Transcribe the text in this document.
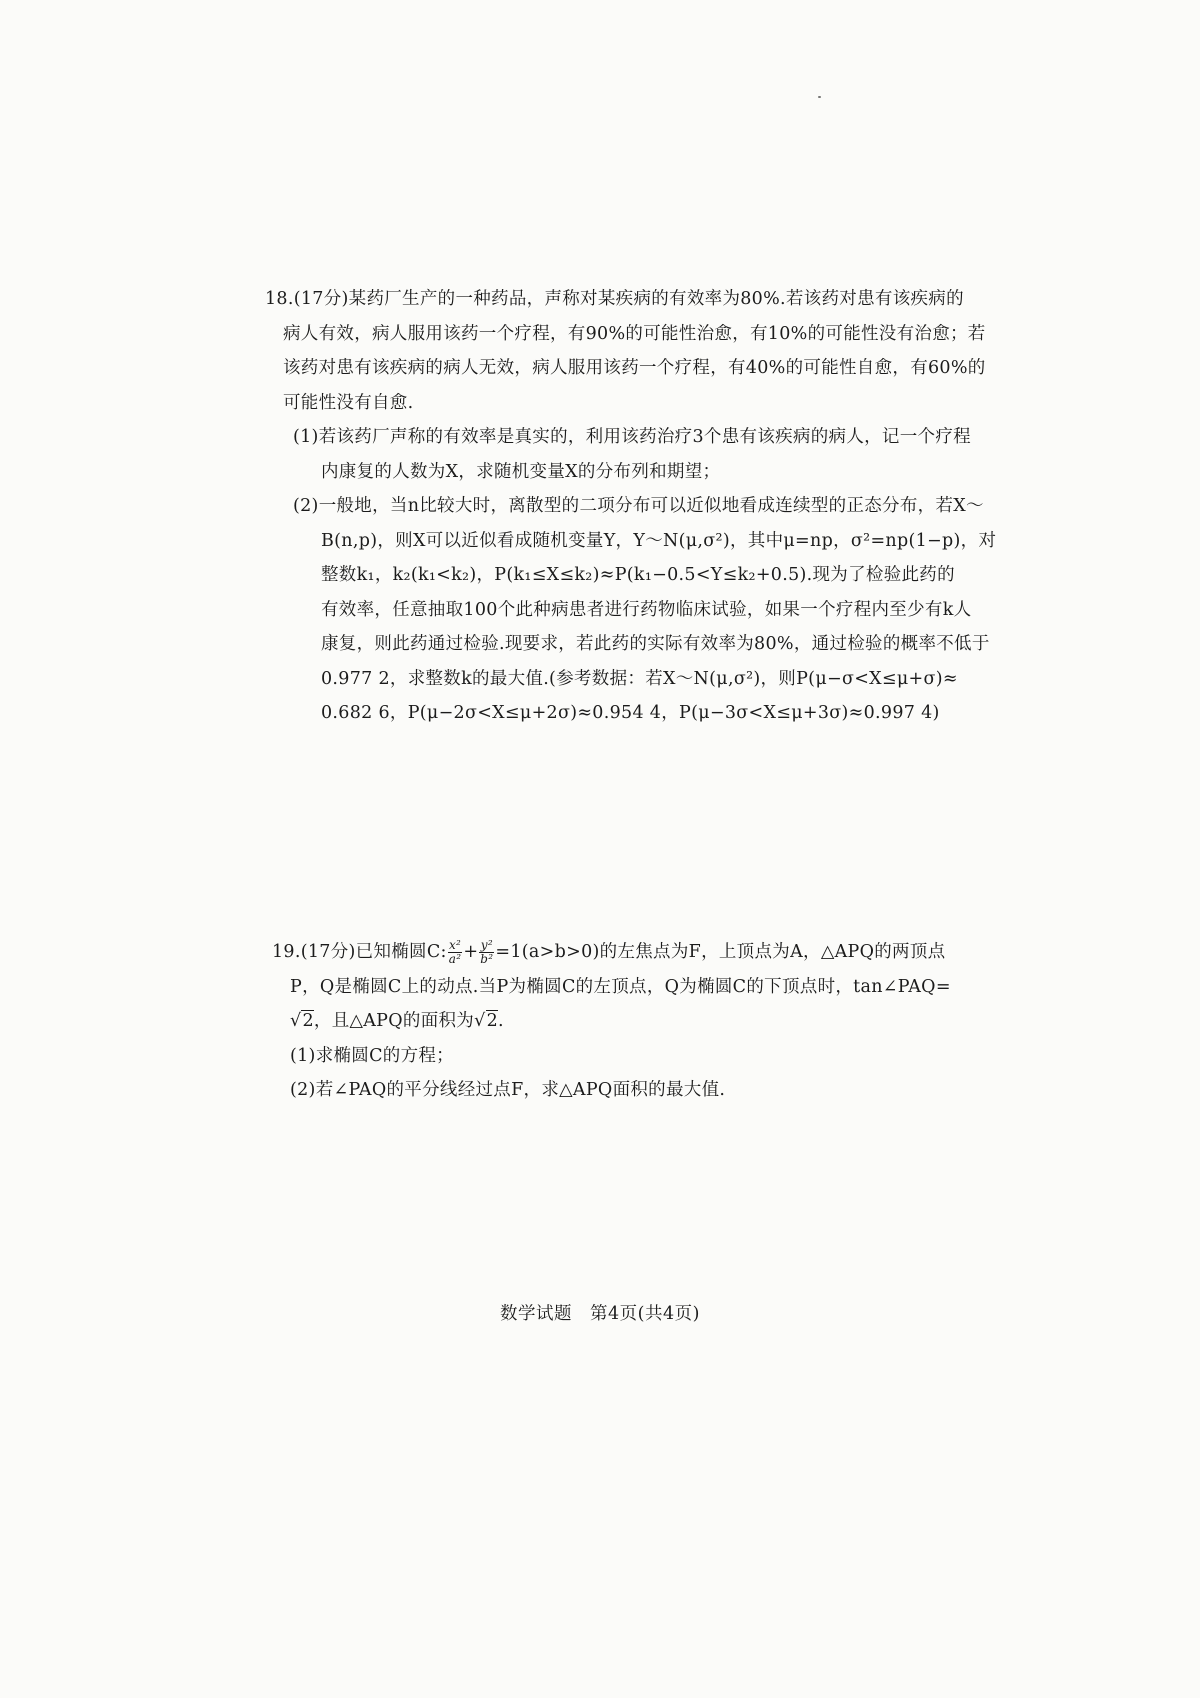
18.(17分)某药厂生产的一种药品，声称对某疾病的有效率为80%.若该药对患有该疾病的
病人有效，病人服用该药一个疗程，有90%的可能性治愈，有10%的可能性没有治愈；若
该药对患有该疾病的病人无效，病人服用该药一个疗程，有40%的可能性自愈，有60%的
可能性没有自愈.
(1)若该药厂声称的有效率是真实的，利用该药治疗3个患有该疾病的病人，记一个疗程
内康复的人数为X，求随机变量X的分布列和期望；
(2)一般地，当n比较大时，离散型的二项分布可以近似地看成连续型的正态分布，若X～
B(n,p)，则X可以近似看成随机变量Y，Y～N(μ,σ²)，其中μ=np，σ²=np(1−p)，对
整数k₁，k₂(k₁<k₂)，P(k₁≤X≤k₂)≈P(k₁−0.5<Y≤k₂+0.5).现为了检验此药的
有效率，任意抽取100个此种病患者进行药物临床试验，如果一个疗程内至少有k人
康复，则此药通过检验.现要求，若此药的实际有效率为80%，通过检验的概率不低于
0.977 2，求整数k的最大值.(参考数据：若X～N(μ,σ²)，则P(μ−σ<X≤μ+σ)≈
0.682 6，P(μ−2σ<X≤μ+2σ)≈0.954 4，P(μ−3σ<X≤μ+3σ)≈0.997 4)
19.(17分)已知椭圆C: $\frac{\text{x²}}{\text{a²}} + \frac{\text{y²}}{\text{b²}} =1(a>b>0)$的左焦点为F，上顶点为A，△APQ的两顶点
P，Q是椭圆C上的动点.当P为椭圆C的左顶点，Q为椭圆C的下顶点时，tan∠PAQ=
√2，且△APQ的面积为√2.
(1)求椭圆C的方程；
(2)若∠PAQ的平分线经过点F，求△APQ面积的最大值.
数学试题　第4页(共4页)
